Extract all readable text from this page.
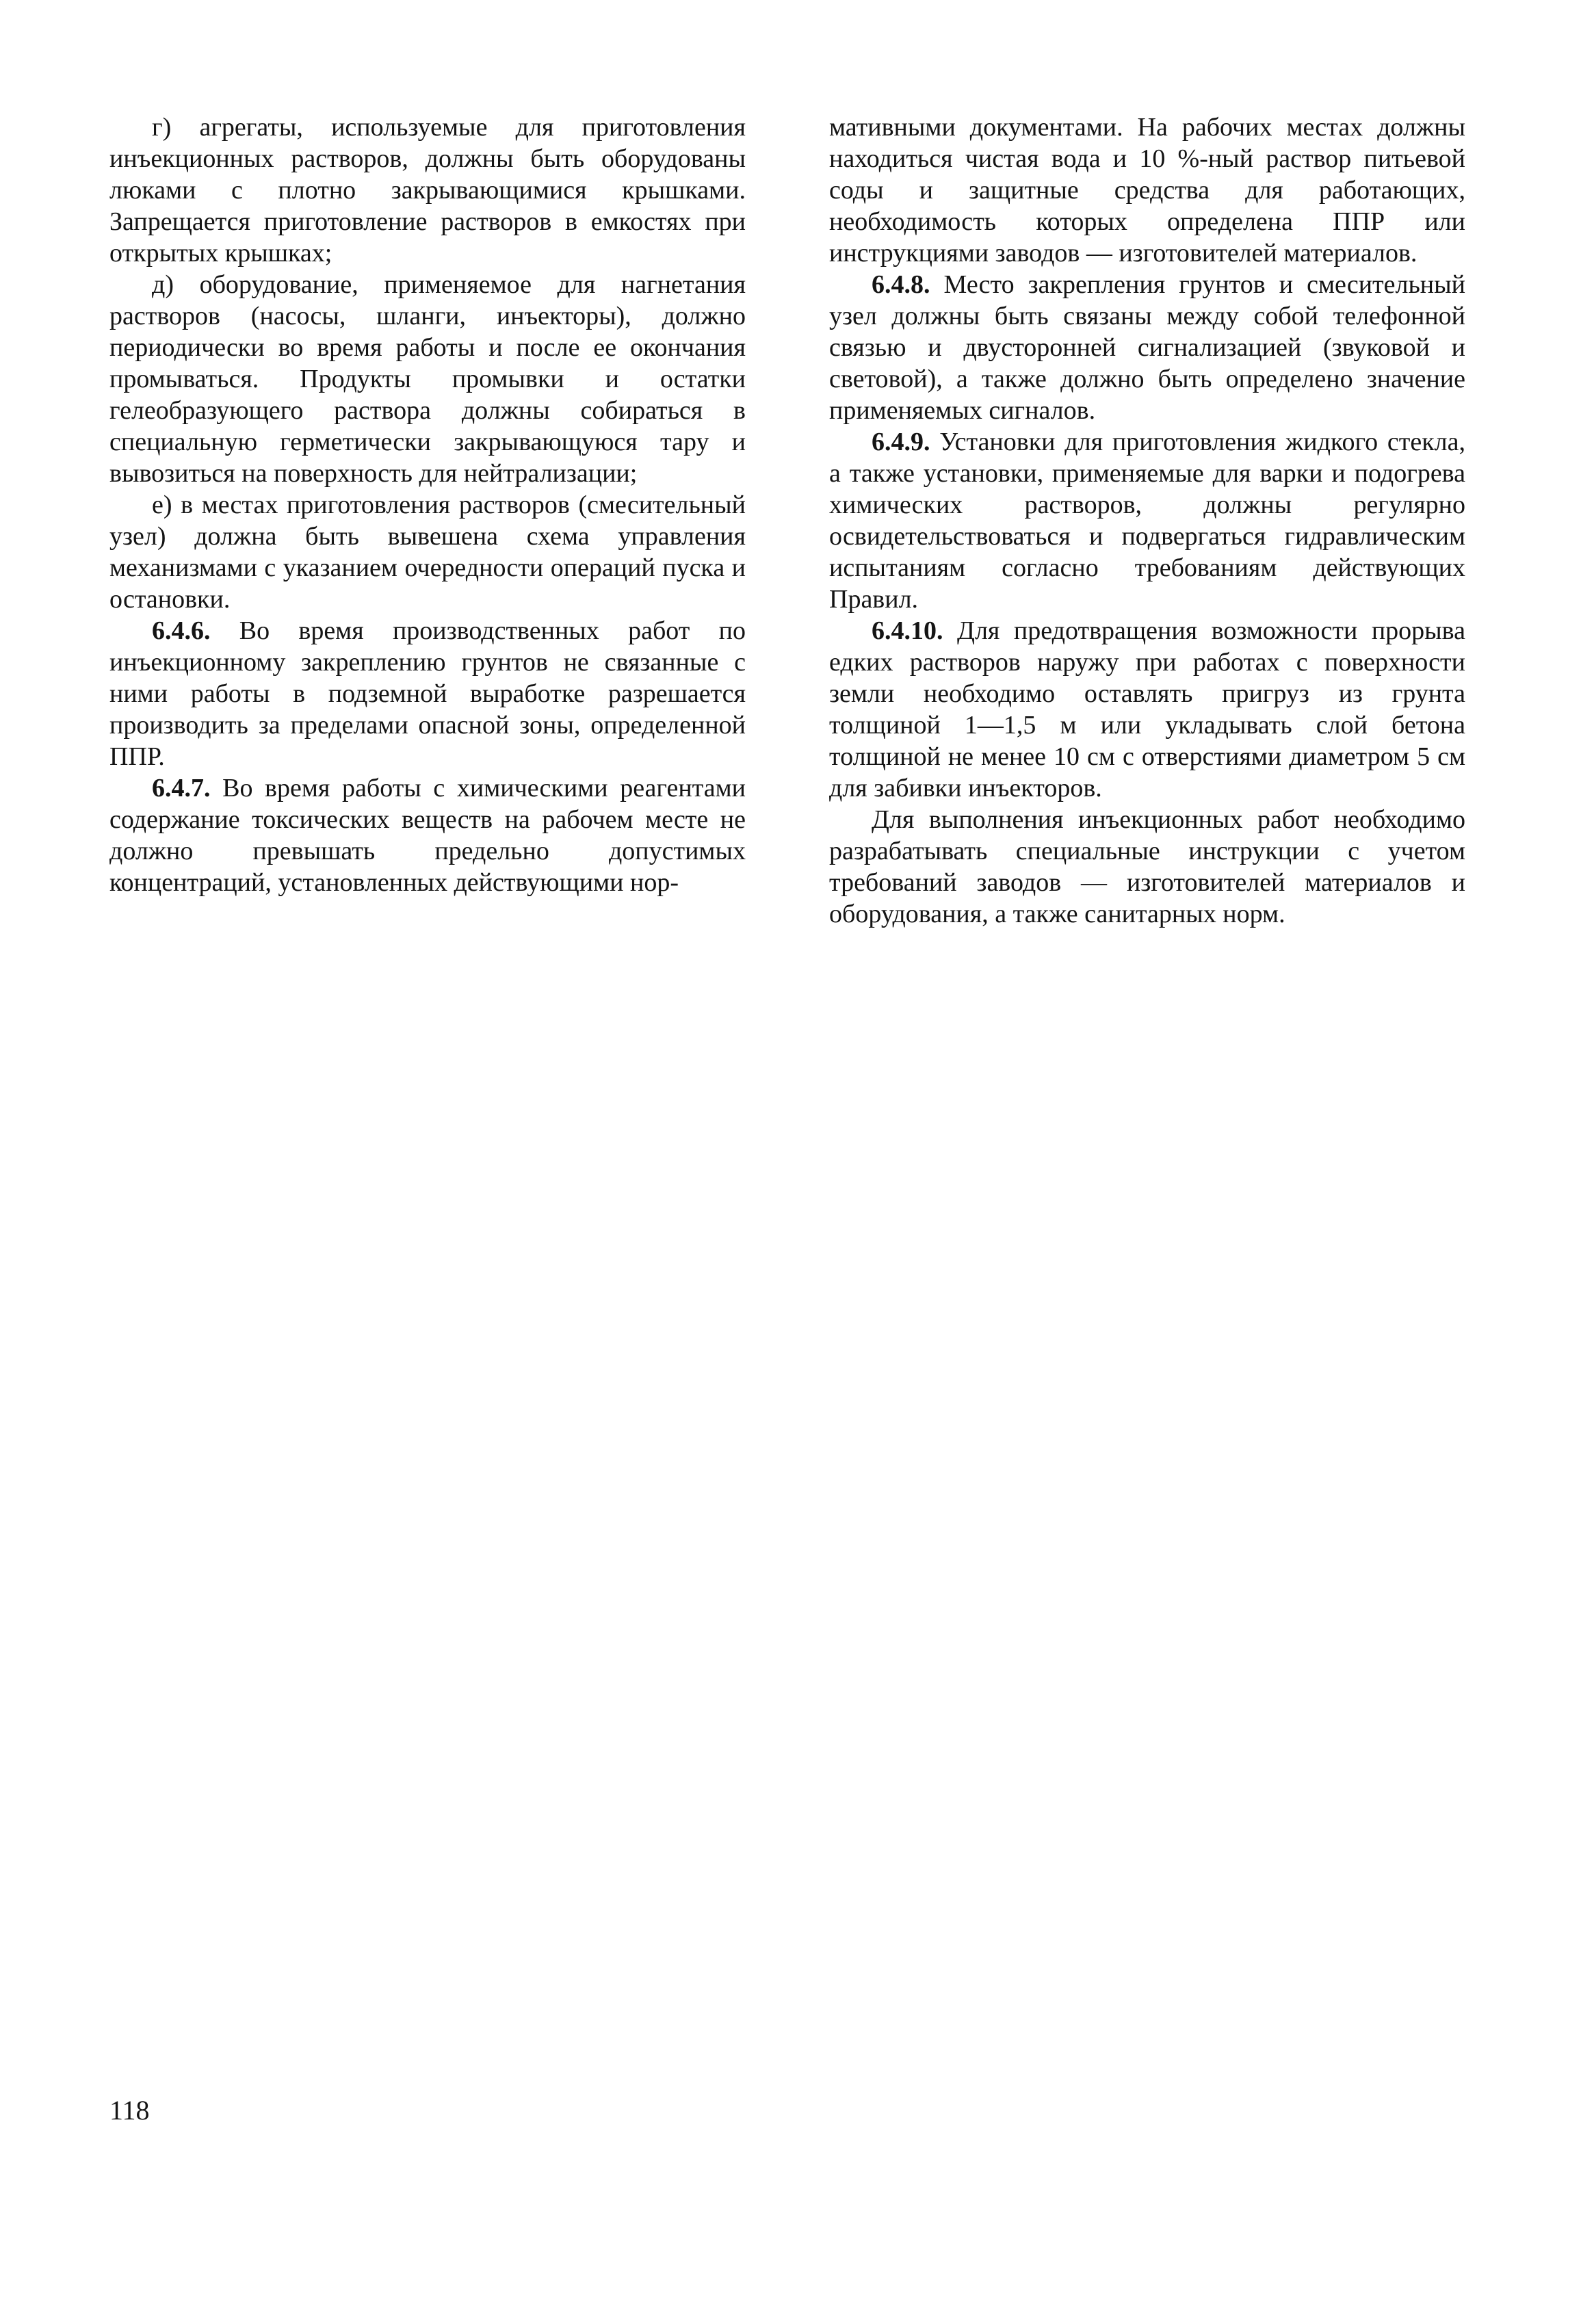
г) агрегаты, используемые для приготовления инъекционных растворов, должны быть оборудованы люками с плотно закрывающимися крышками. Запрещается приготовление растворов в емкостях при открытых крышках;

д) оборудование, применяемое для нагнетания растворов (насосы, шланги, инъекторы), должно периодически во время работы и после ее окончания промываться. Продукты промывки и остатки гелеобразующего раствора должны собираться в специальную герметически закрывающуюся тару и вывозиться на поверхность для нейтрализации;

е) в местах приготовления растворов (смесительный узел) должна быть вывешена схема управления механизмами с указанием очередности операций пуска и остановки.

6.4.6. Во время производственных работ по инъекционному закреплению грунтов не связанные с ними работы в подземной выработке разрешается производить за пределами опасной зоны, определенной ППР.

6.4.7. Во время работы с химическими реагентами содержание токсических веществ на рабочем месте не должно превышать предельно допустимых концентраций, установленных действующими нор-

мативными документами. На рабочих местах должны находиться чистая вода и 10 %-ный раствор питьевой соды и защитные средства для работающих, необходимость которых определена ППР или инструкциями заводов — изготовителей материалов.

6.4.8. Место закрепления грунтов и смесительный узел должны быть связаны между собой телефонной связью и двусторонней сигнализацией (звуковой и световой), а также должно быть определено значение применяемых сигналов.

6.4.9. Установки для приготовления жидкого стекла, а также установки, применяемые для варки и подогрева химических растворов, должны регулярно освидетельствоваться и подвергаться гидравлическим испытаниям согласно требованиям действующих Правил.

6.4.10. Для предотвращения возможности прорыва едких растворов наружу при работах с поверхности земли необходимо оставлять пригруз из грунта толщиной 1—1,5 м или укладывать слой бетона толщиной не менее 10 см с отверстиями диаметром 5 см для забивки инъекторов.

Для выполнения инъекционных работ необходимо разрабатывать специальные инструкции с учетом требований заводов — изготовителей материалов и оборудования, а также санитарных норм.

118
